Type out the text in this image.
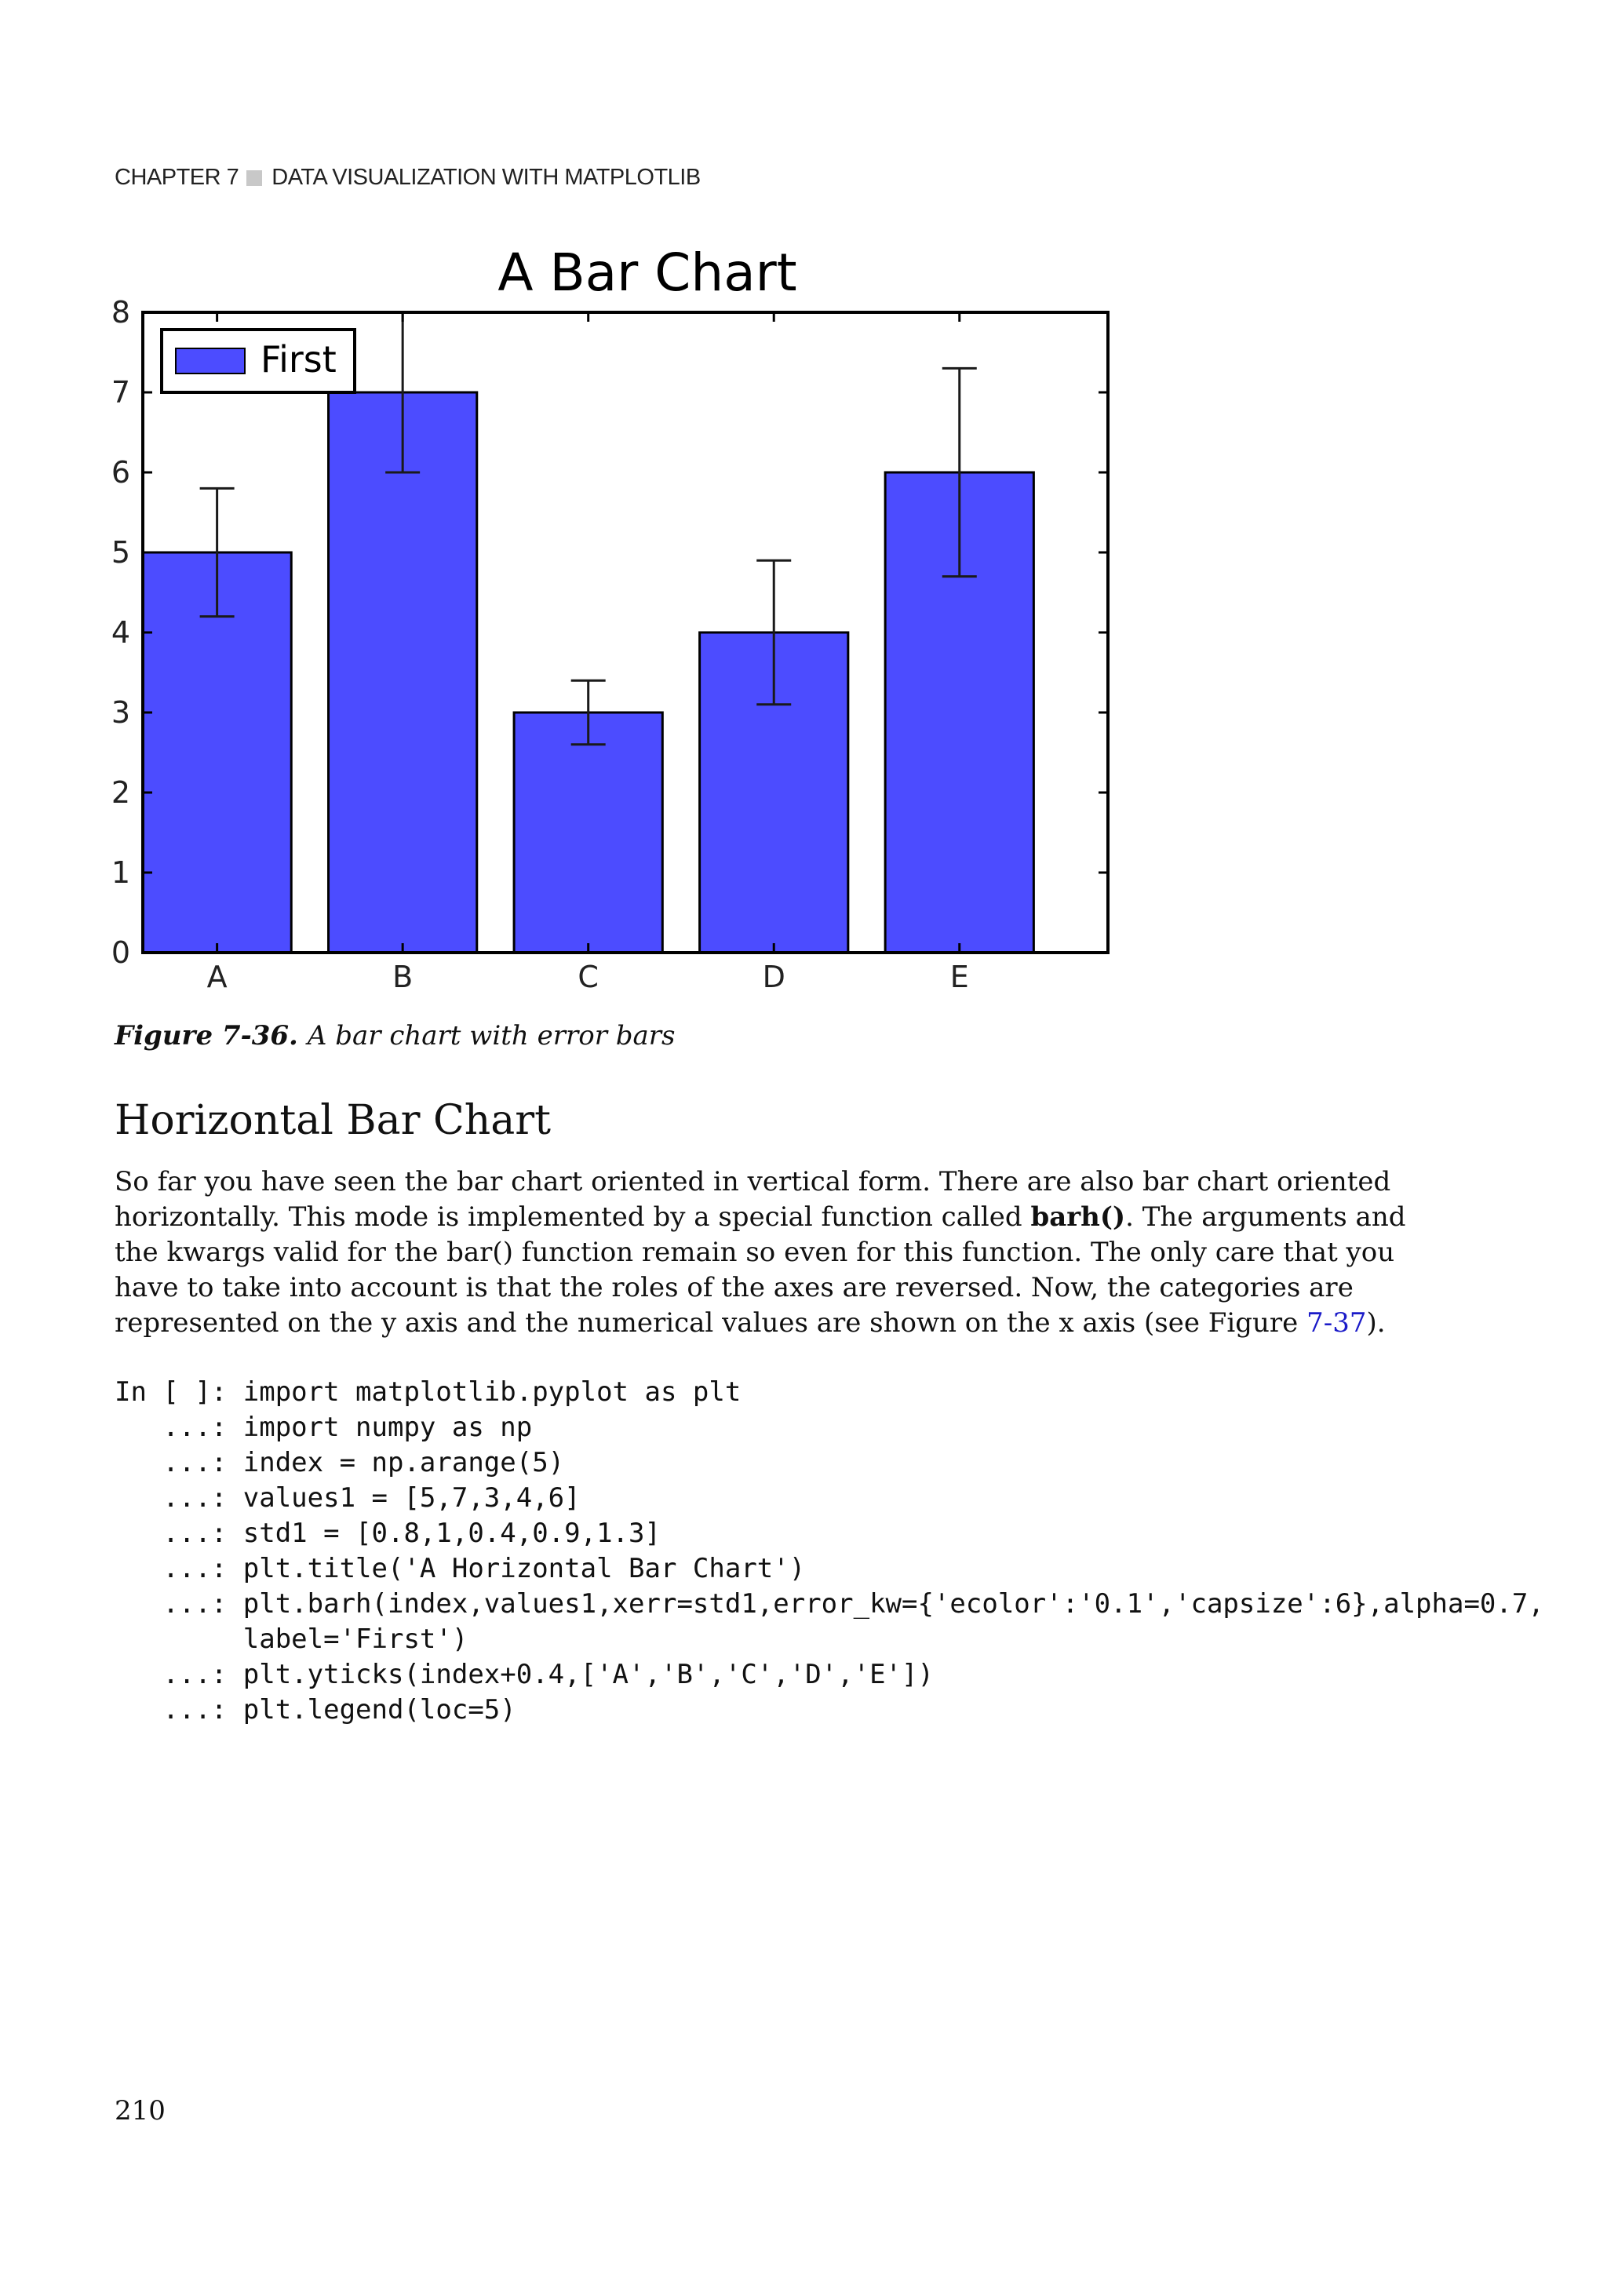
CHAPTER 7 DATA VISUALIZATION WITH MATPLOTLIB
A Bar Chart
A	B	C	D	E
0
1
2
3
4
5
6
7
8
First
Figure 7-36. A bar chart with error bars
Horizontal Bar Chart

So far you have seen the bar chart oriented in vertical form. There are also bar chart oriented horizontally. This mode is implemented by a special function called barh(). The arguments and the kwargs valid for the bar() function remain so even for this function. The only care that you have to take into account is that the roles of the axes are reversed. Now, the categories are represented on the y axis and the numerical values are shown on the x axis (see Figure 7-37).

In [ ]: import matplotlib.pyplot as plt
...: import numpy as np
...: index = np.arange(5)
...: values1 = [5,7,3,4,6]
...: std1 = [0.8,1,0.4,0.9,1.3]
...: plt.title('A Horizontal Bar Chart')
...: plt.barh(index,values1,xerr=std1,error_kw={'ecolor':'0.1','capsize':6},alpha=0.7,
label='First')
...: plt.yticks(index+0.4,['A','B','C','D','E'])
...: plt.legend(loc=5)
210
